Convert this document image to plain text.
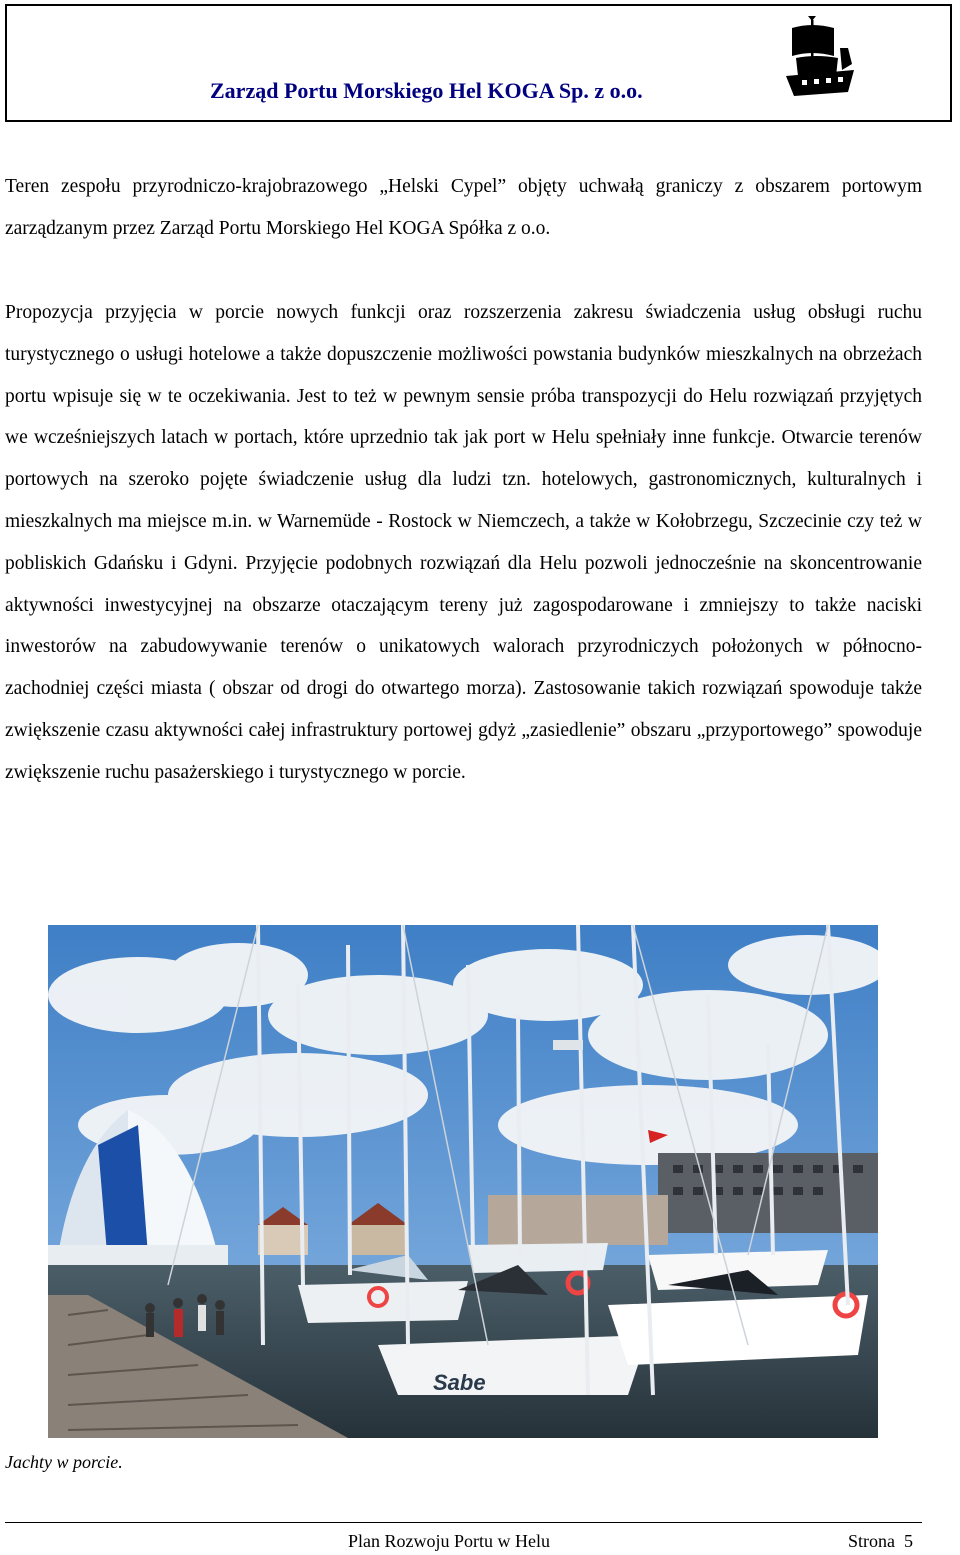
Zarząd Portu Morskiego Hel KOGA Sp. z o.o.
Teren zespołu przyrodniczo-krajobrazowego „Helski Cypel” objęty uchwałą graniczy z obszarem portowym zarządzanym przez Zarząd Portu Morskiego Hel KOGA Spółka z o.o.
Propozycja przyjęcia w porcie nowych funkcji oraz rozszerzenia zakresu świadczenia usług obsługi ruchu turystycznego o usługi hotelowe a także dopuszczenie możliwości powstania budynków mieszkalnych na obrzeżach portu wpisuje się w te oczekiwania. Jest to też w pewnym sensie próba transpozycji do Helu rozwiązań przyjętych we wcześniejszych latach w portach, które uprzednio tak jak port w Helu spełniały inne funkcje. Otwarcie terenów portowych na szeroko pojęte świadczenie usług dla ludzi tzn. hotelowych, gastronomicznych, kulturalnych i mieszkalnych ma miejsce m.in. w Warnemüde - Rostock w Niemczech, a także w Kołobrzegu, Szczecinie czy też w pobliskich Gdańsku i Gdyni. Przyjęcie podobnych rozwiązań dla Helu pozwoli jednocześnie na skoncentrowanie aktywności inwestycyjnej na obszarze otaczającym tereny już zagospodarowane i zmniejszy to także naciski inwestorów na zabudowywanie terenów o unikatowych walorach przyrodniczych położonych w północno-zachodniej części miasta ( obszar od drogi do otwartego morza). Zastosowanie takich rozwiązań spowoduje także zwiększenie czasu aktywności całej infrastruktury portowej gdyż „zasiedlenie” obszaru „przyportowego” spowoduje zwiększenie ruchu pasażerskiego i turystycznego w porcie.
Sabe
Jachty w porcie.
Plan Rozwoju Portu w Helu	Strona 5
